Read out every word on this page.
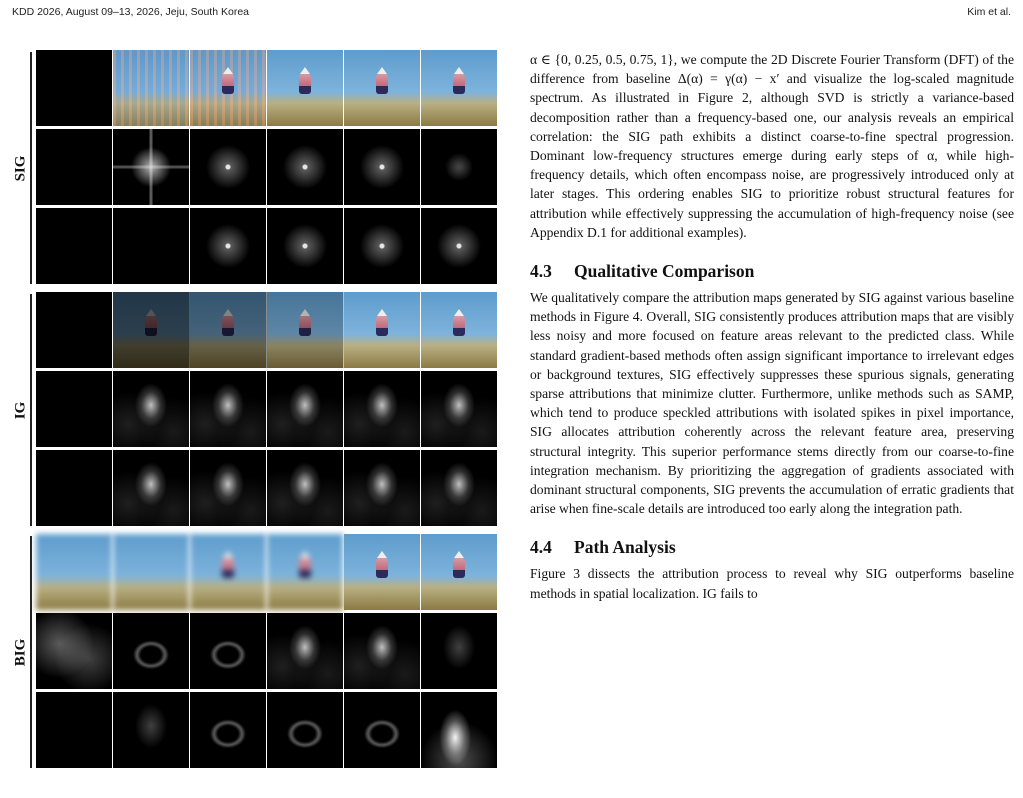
KDD 2026, August 09–13, 2026, Jeju, South Korea	Kim et al.
SIG
IG
BIG

α ∈ {0, 0.25, 0.5, 0.75, 1}, we compute the 2D Discrete Fourier Transform (DFT) of the difference from baseline Δ(α) = γ(α) − x′ and visualize the log-scaled magnitude spectrum. As illustrated in Figure 2, although SVD is strictly a variance-based decomposition rather than a frequency-based one, our analysis reveals an empirical correlation: the SIG path exhibits a distinct coarse-to-fine spectral progression. Dominant low-frequency structures emerge during early steps of α, while high-frequency details, which often encompass noise, are progressively introduced only at later stages. This ordering enables SIG to prioritize robust structural features for attribution while effectively suppressing the accumulation of high-frequency noise (see Appendix D.1 for additional examples).

4.3 Qualitative Comparison

We qualitatively compare the attribution maps generated by SIG against various baseline methods in Figure 4. Overall, SIG consistently produces attribution maps that are visibly less noisy and more focused on feature areas relevant to the predicted class. While standard gradient-based methods often assign significant importance to irrelevant edges or background textures, SIG effectively suppresses these spurious signals, generating sparse attributions that minimize clutter. Furthermore, unlike methods such as SAMP, which tend to produce speckled attributions with isolated spikes in pixel importance, SIG allocates attribution coherently across the relevant feature area, preserving structural integrity. This superior performance stems directly from our coarse-to-fine integration mechanism. By prioritizing the aggregation of gradients associated with dominant structural components, SIG prevents the accumulation of erratic gradients that arise when fine-scale details are introduced too early along the integration path.

4.4 Path Analysis

Figure 3 dissects the attribution process to reveal why SIG outperforms baseline methods in spatial localization. IG fails to
